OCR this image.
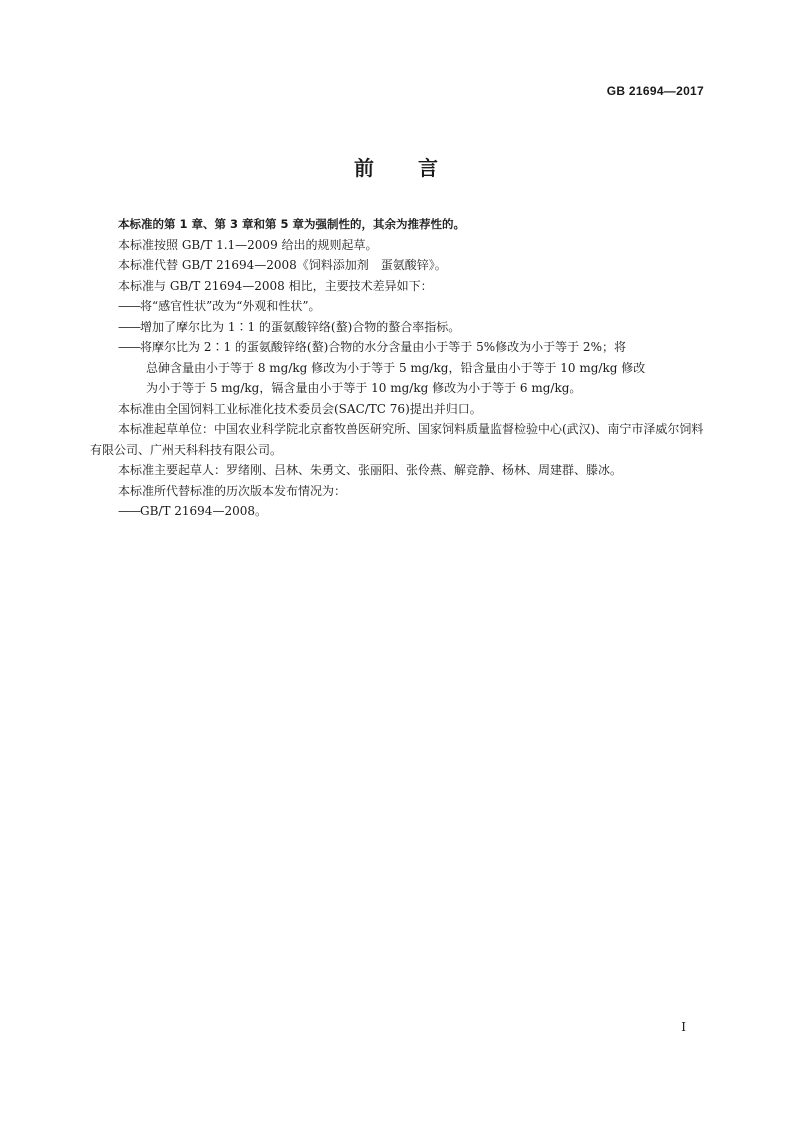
GB 21694—2017
前 言

本标准的第 1 章、第 3 章和第 5 章为强制性的，其余为推荐性的。

本标准按照 GB/T 1.1—2009 给出的规则起草。

本标准代替 GB/T 21694—2008《饲料添加剂　蛋氨酸锌》。

本标准与 GB/T 21694—2008 相比，主要技术差异如下：

——将“感官性状”改为“外观和性状”。

——增加了摩尔比为 1∶1 的蛋氨酸锌络(螯)合物的螯合率指标。

——将摩尔比为 2∶1 的蛋氨酸锌络(螯)合物的水分含量由小于等于 5%修改为小于等于 2%；将

总砷含量由小于等于 8 mg/kg 修改为小于等于 5 mg/kg，铅含量由小于等于 10 mg/kg 修改

为小于等于 5 mg/kg，镉含量由小于等于 10 mg/kg 修改为小于等于 6 mg/kg。

本标准由全国饲料工业标准化技术委员会(SAC/TC 76)提出并归口。

本标准起草单位：中国农业科学院北京畜牧兽医研究所、国家饲料质量监督检验中心(武汉)、南宁市泽威尔饲料有限公司、广州天科科技有限公司。

本标准主要起草人：罗绪刚、吕林、朱勇文、张丽阳、张伶燕、解竞静、杨林、周建群、滕冰。

本标准所代替标准的历次版本发布情况为：

——GB/T 21694—2008。

I
